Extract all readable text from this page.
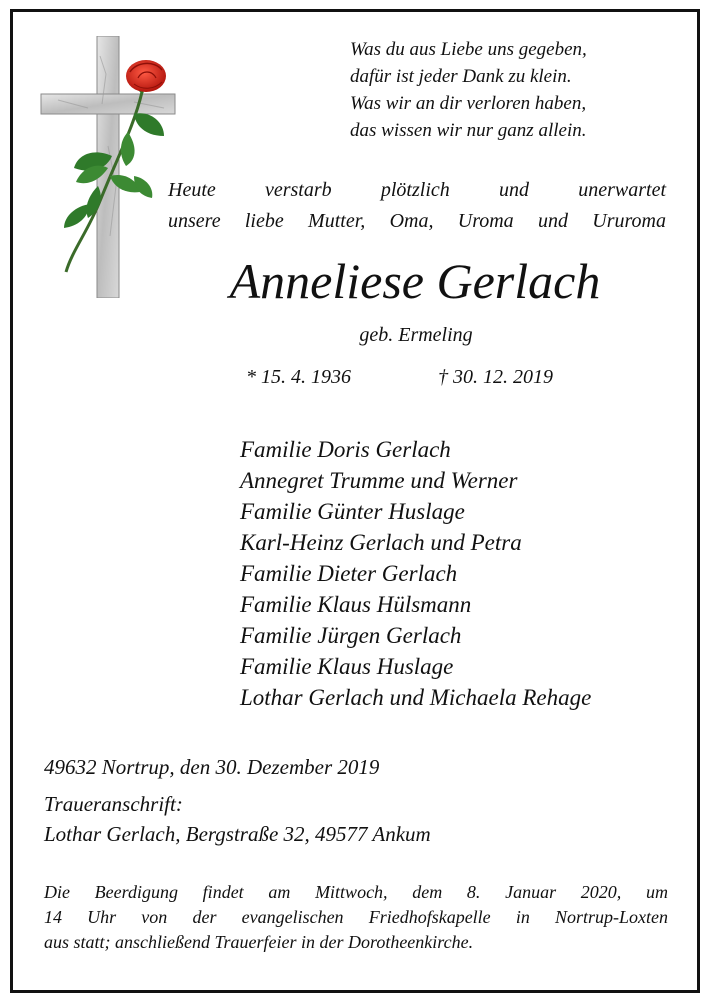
Was du aus Liebe uns gegeben,
dafür ist jeder Dank zu klein.
Was wir an dir verloren haben,
das wissen wir nur ganz allein.
Heute verstarb plötzlich und unerwartet
unsere liebe Mutter, Oma, Uroma und Ururoma
Anneliese Gerlach
geb. Ermeling
* 15. 4. 1936	† 30. 12. 2019
Familie Doris Gerlach
Annegret Trumme und Werner
Familie Günter Huslage
Karl-Heinz Gerlach und Petra
Familie Dieter Gerlach
Familie Klaus Hülsmann
Familie Jürgen Gerlach
Familie Klaus Huslage
Lothar Gerlach und Michaela Rehage
49632 Nortrup, den 30. Dezember 2019
Traueranschrift:
Lothar Gerlach, Bergstraße 32, 49577 Ankum
Die Beerdigung findet am Mittwoch, dem 8. Januar 2020, um
14 Uhr von der evangelischen Friedhofskapelle in Nortrup-Loxten
aus statt; anschließend Trauerfeier in der Dorotheenkirche.
